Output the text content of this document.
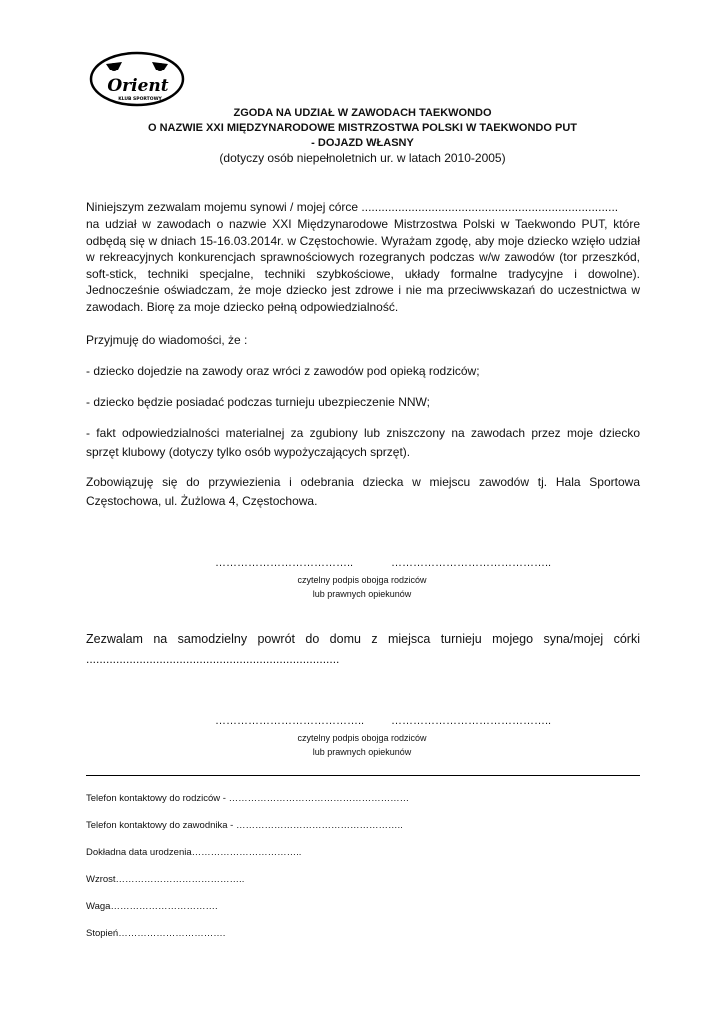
Orient
KLUB SPORTOWY
ZGODA NA UDZIAŁ W ZAWODACH TAEKWONDO
O NAZWIE XXI MIĘDZYNARODOWE MISTRZOSTWA POLSKI W TAEKWONDO PUT
- DOJAZD WŁASNY
(dotyczy osób niepełnoletnich ur. w latach 2010-2005)
Niniejszym zezwalam mojemu synowi / mojej córce .............................................................................
na udział w zawodach o nazwie XXI Międzynarodowe Mistrzostwa Polski w Taekwondo PUT, które odbędą się w dniach 15-16.03.2014r. w Częstochowie. Wyrażam zgodę, aby moje dziecko wzięło udział w rekreacyjnych konkurencjach sprawnościowych rozegranych podczas w/w zawodów (tor przeszkód, soft-stick, techniki specjalne, techniki szybkościowe, układy formalne tradycyjne i dowolne). Jednocześnie oświadczam, że moje dziecko jest zdrowe i nie ma przeciwwskazań do uczestnictwa w zawodach. Biorę za moje dziecko pełną odpowiedzialność.
Przyjmuję do wiadomości, że :
- dziecko dojedzie na zawody oraz wróci z zawodów pod opieką rodziców;
- dziecko będzie posiadać podczas turnieju ubezpieczenie NNW;
- fakt odpowiedzialności materialnej za zgubiony lub zniszczony na zawodach przez moje dziecko sprzęt klubowy (dotyczy tylko osób wypożyczających sprzęt).
Zobowiązuję się do przywiezienia i odebrania dziecka w miejscu zawodów tj. Hala Sportowa Częstochowa, ul. Żużlowa 4, Częstochowa.
………………………………..	……………………………………..
czytelny podpis obojga rodziców
lub prawnych opiekunów
Zezwalam na samodzielny powrót do domu z miejsca turnieju mojego syna/mojej córki
............................................................................
………………………………….. ……………………………………..
czytelny podpis obojga rodziców
lub prawnych opiekunów
Telefon kontaktowy do rodziców - …………………………………………………
Telefon kontaktowy do zawodnika - ……………………………………………..
Dokładna data urodzenia……………………………..
Wzrost…………………………………..
Waga…………………………….
Stopień…………………………….
